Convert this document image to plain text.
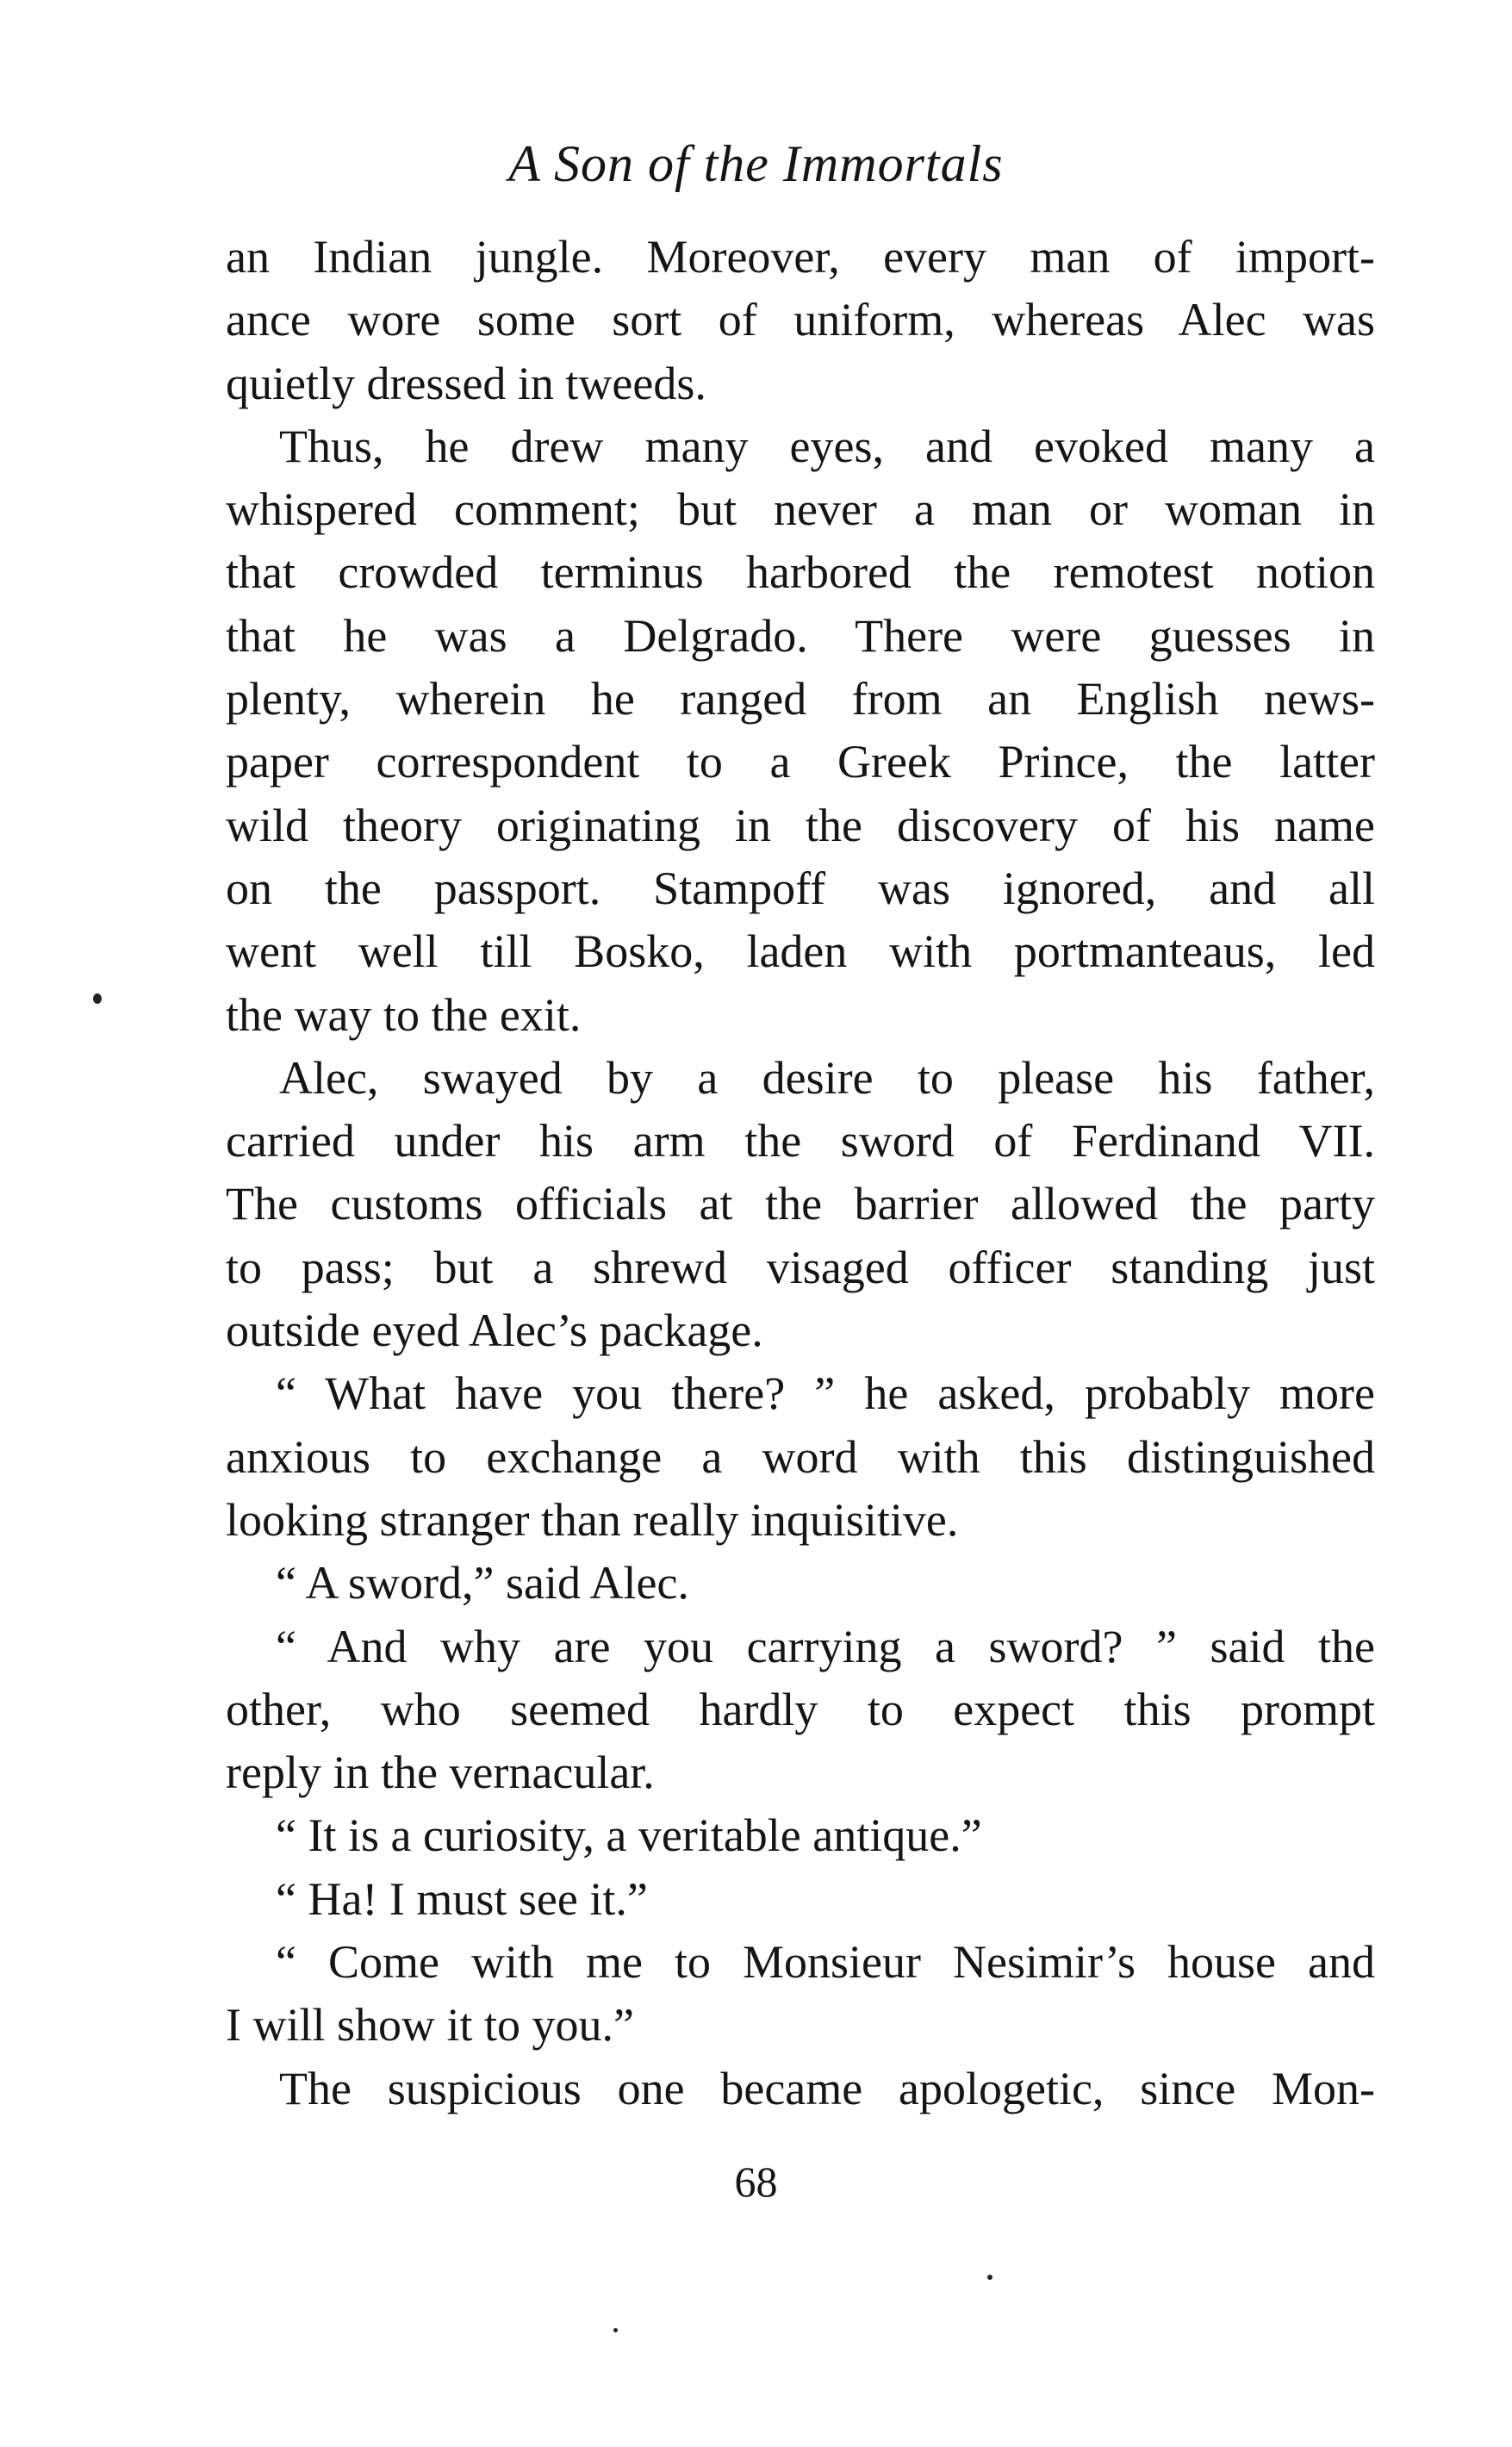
A Son of the Immortals
an Indian jungle. Moreover, every man of import-
ance wore some sort of uniform, whereas Alec was
quietly dressed in tweeds.
Thus, he drew many eyes, and evoked many a
whispered comment; but never a man or woman in
that crowded terminus harbored the remotest notion
that he was a Delgrado. There were guesses in
plenty, wherein he ranged from an English news-
paper correspondent to a Greek Prince, the latter
wild theory originating in the discovery of his name
on the passport. Stampoff was ignored, and all
went well till Bosko, laden with portmanteaus, led
the way to the exit.
Alec, swayed by a desire to please his father,
carried under his arm the sword of Ferdinand VII.
The customs officials at the barrier allowed the party
to pass; but a shrewd visaged officer standing just
outside eyed Alec’s package.
“ What have you there? ” he asked, probably more
anxious to exchange a word with this distinguished
looking stranger than really inquisitive.
“ A sword,” said Alec.
“ And why are you carrying a sword? ” said the
other, who seemed hardly to expect this prompt
reply in the vernacular.
“ It is a curiosity, a veritable antique.”
“ Ha! I must see it.”
“ Come with me to Monsieur Nesimir’s house and
I will show it to you.”
The suspicious one became apologetic, since Mon-
68
